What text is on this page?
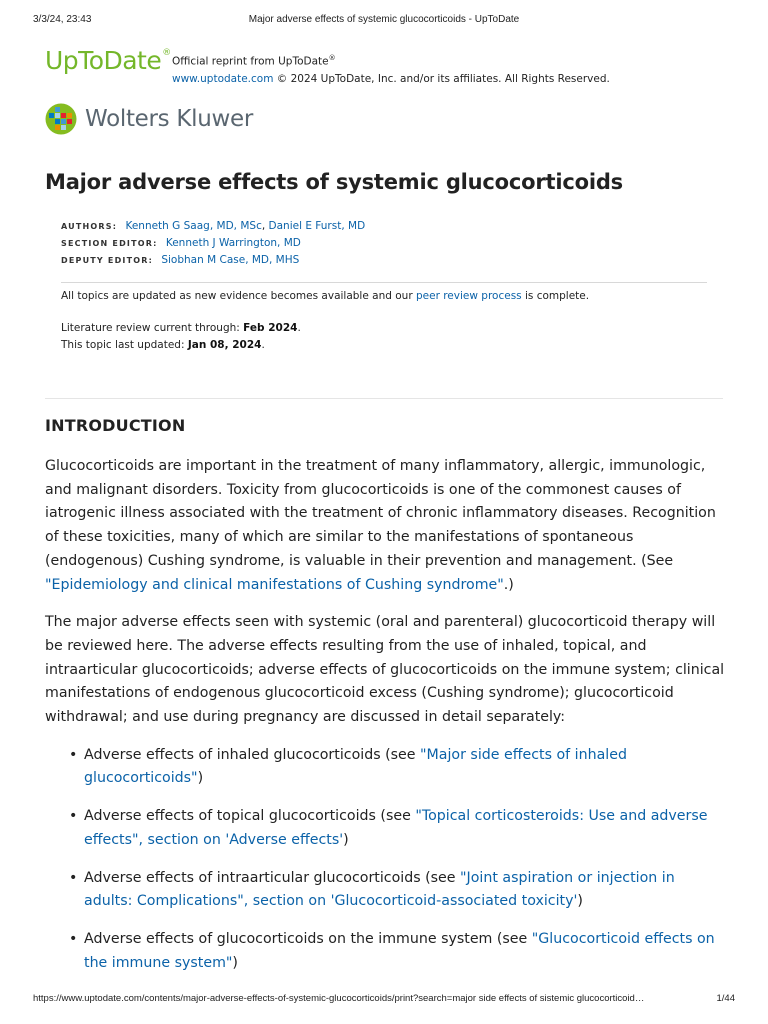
3/3/24, 23:43	Major adverse effects of systemic glucocorticoids - UpToDate
UpToDate®
Official reprint from UpToDate®
www.uptodate.com © 2024 UpToDate, Inc. and/or its affiliates. All Rights Reserved.
Wolters Kluwer
Major adverse effects of systemic glucocorticoids
AUTHORS: Kenneth G Saag, MD, MSc, Daniel E Furst, MD
SECTION EDITOR: Kenneth J Warrington, MD
DEPUTY EDITOR: Siobhan M Case, MD, MHS
All topics are updated as new evidence becomes available and our peer review process is complete.
Literature review current through: Feb 2024.
This topic last updated: Jan 08, 2024.
INTRODUCTION

Glucocorticoids are important in the treatment of many inflammatory, allergic, immunologic, and malignant disorders. Toxicity from glucocorticoids is one of the commonest causes of iatrogenic illness associated with the treatment of chronic inflammatory diseases. Recognition of these toxicities, many of which are similar to the manifestations of spontaneous (endogenous) Cushing syndrome, is valuable in their prevention and management. (See "Epidemiology and clinical manifestations of Cushing syndrome".)

The major adverse effects seen with systemic (oral and parenteral) glucocorticoid therapy will be reviewed here. The adverse effects resulting from the use of inhaled, topical, and intraarticular glucocorticoids; adverse effects of glucocorticoids on the immune system; clinical manifestations of endogenous glucocorticoid excess (Cushing syndrome); glucocorticoid withdrawal; and use during pregnancy are discussed in detail separately:

• Adverse effects of inhaled glucocorticoids (see "Major side effects of inhaled glucocorticoids")
• Adverse effects of topical glucocorticoids (see "Topical corticosteroids: Use and adverse effects", section on 'Adverse effects')
• Adverse effects of intraarticular glucocorticoids (see "Joint aspiration or injection in adults: Complications", section on 'Glucocorticoid-associated toxicity')
• Adverse effects of glucocorticoids on the immune system (see "Glucocorticoid effects on the immune system")
https://www.uptodate.com/contents/major-adverse-effects-of-systemic-glucocorticoids/print?search=major side effects of sistemic glucocorticoid…	1/44
